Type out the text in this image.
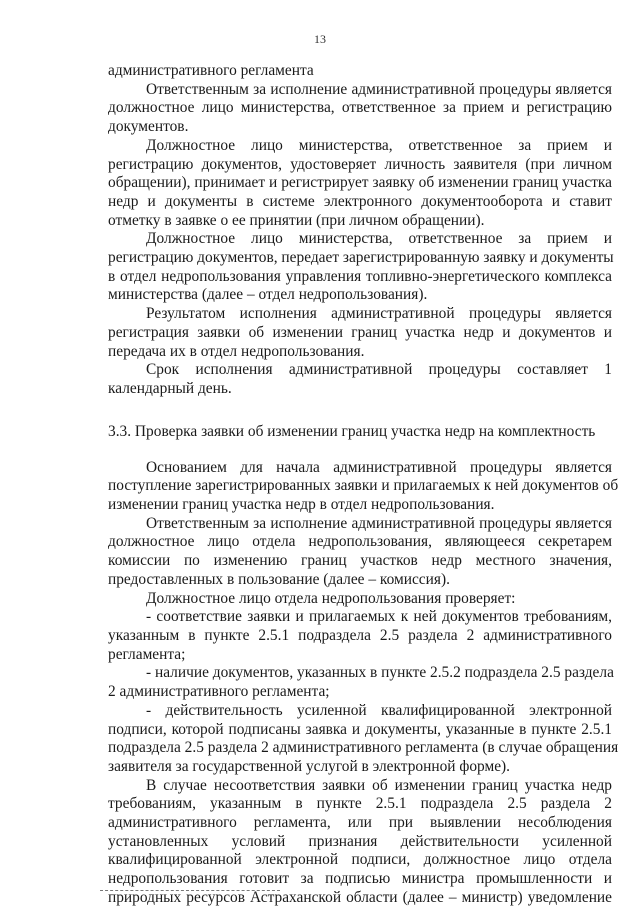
13
административного регламента
Ответственным за исполнение административной процедуры является
должностное лицо министерства, ответственное за прием и регистрацию
документов.
Должностное лицо министерства, ответственное за прием и
регистрацию документов, удостоверяет личность заявителя (при личном
обращении), принимает и регистрирует заявку об изменении границ участка
недр и документы в системе электронного документооборота и ставит
отметку в заявке о ее принятии (при личном обращении).
Должностное лицо министерства, ответственное за прием и
регистрацию документов, передает зарегистрированную заявку и документы
в отдел недропользования управления топливно-энергетического комплекса
министерства (далее – отдел недропользования).
Результатом исполнения административной процедуры является
регистрация заявки об изменении границ участка недр и документов и
передача их в отдел недропользования.
Срок исполнения административной процедуры составляет 1
календарный день.
3.3. Проверка заявки об изменении границ участка недр на комплектность
Основанием для начала административной процедуры является
поступление зарегистрированных заявки и прилагаемых к ней документов об
изменении границ участка недр в отдел недропользования.
Ответственным за исполнение административной процедуры является
должностное лицо отдела недропользования, являющееся секретарем
комиссии по изменению границ участков недр местного значения,
предоставленных в пользование (далее – комиссия).
Должностное лицо отдела недропользования проверяет:
- соответствие заявки и прилагаемых к ней документов требованиям,
указанным в пункте 2.5.1 подраздела 2.5 раздела 2 административного
регламента;
- наличие документов, указанных в пункте 2.5.2 подраздела 2.5 раздела
2 административного регламента;
- действительность усиленной квалифицированной электронной
подписи, которой подписаны заявка и документы, указанные в пункте 2.5.1
подраздела 2.5 раздела 2 административного регламента (в случае обращения
заявителя за государственной услугой в электронной форме).
В случае несоответствия заявки об изменении границ участка недр
требованиям, указанным в пункте 2.5.1 подраздела 2.5 раздела 2
административного регламента, или при выявлении несоблюдения
установленных условий признания действительности усиленной
квалифицированной электронной подписи, должностное лицо отдела
недропользования готовит за подписью министра промышленности и
природных ресурсов Астраханской области (далее – министр) уведомление
